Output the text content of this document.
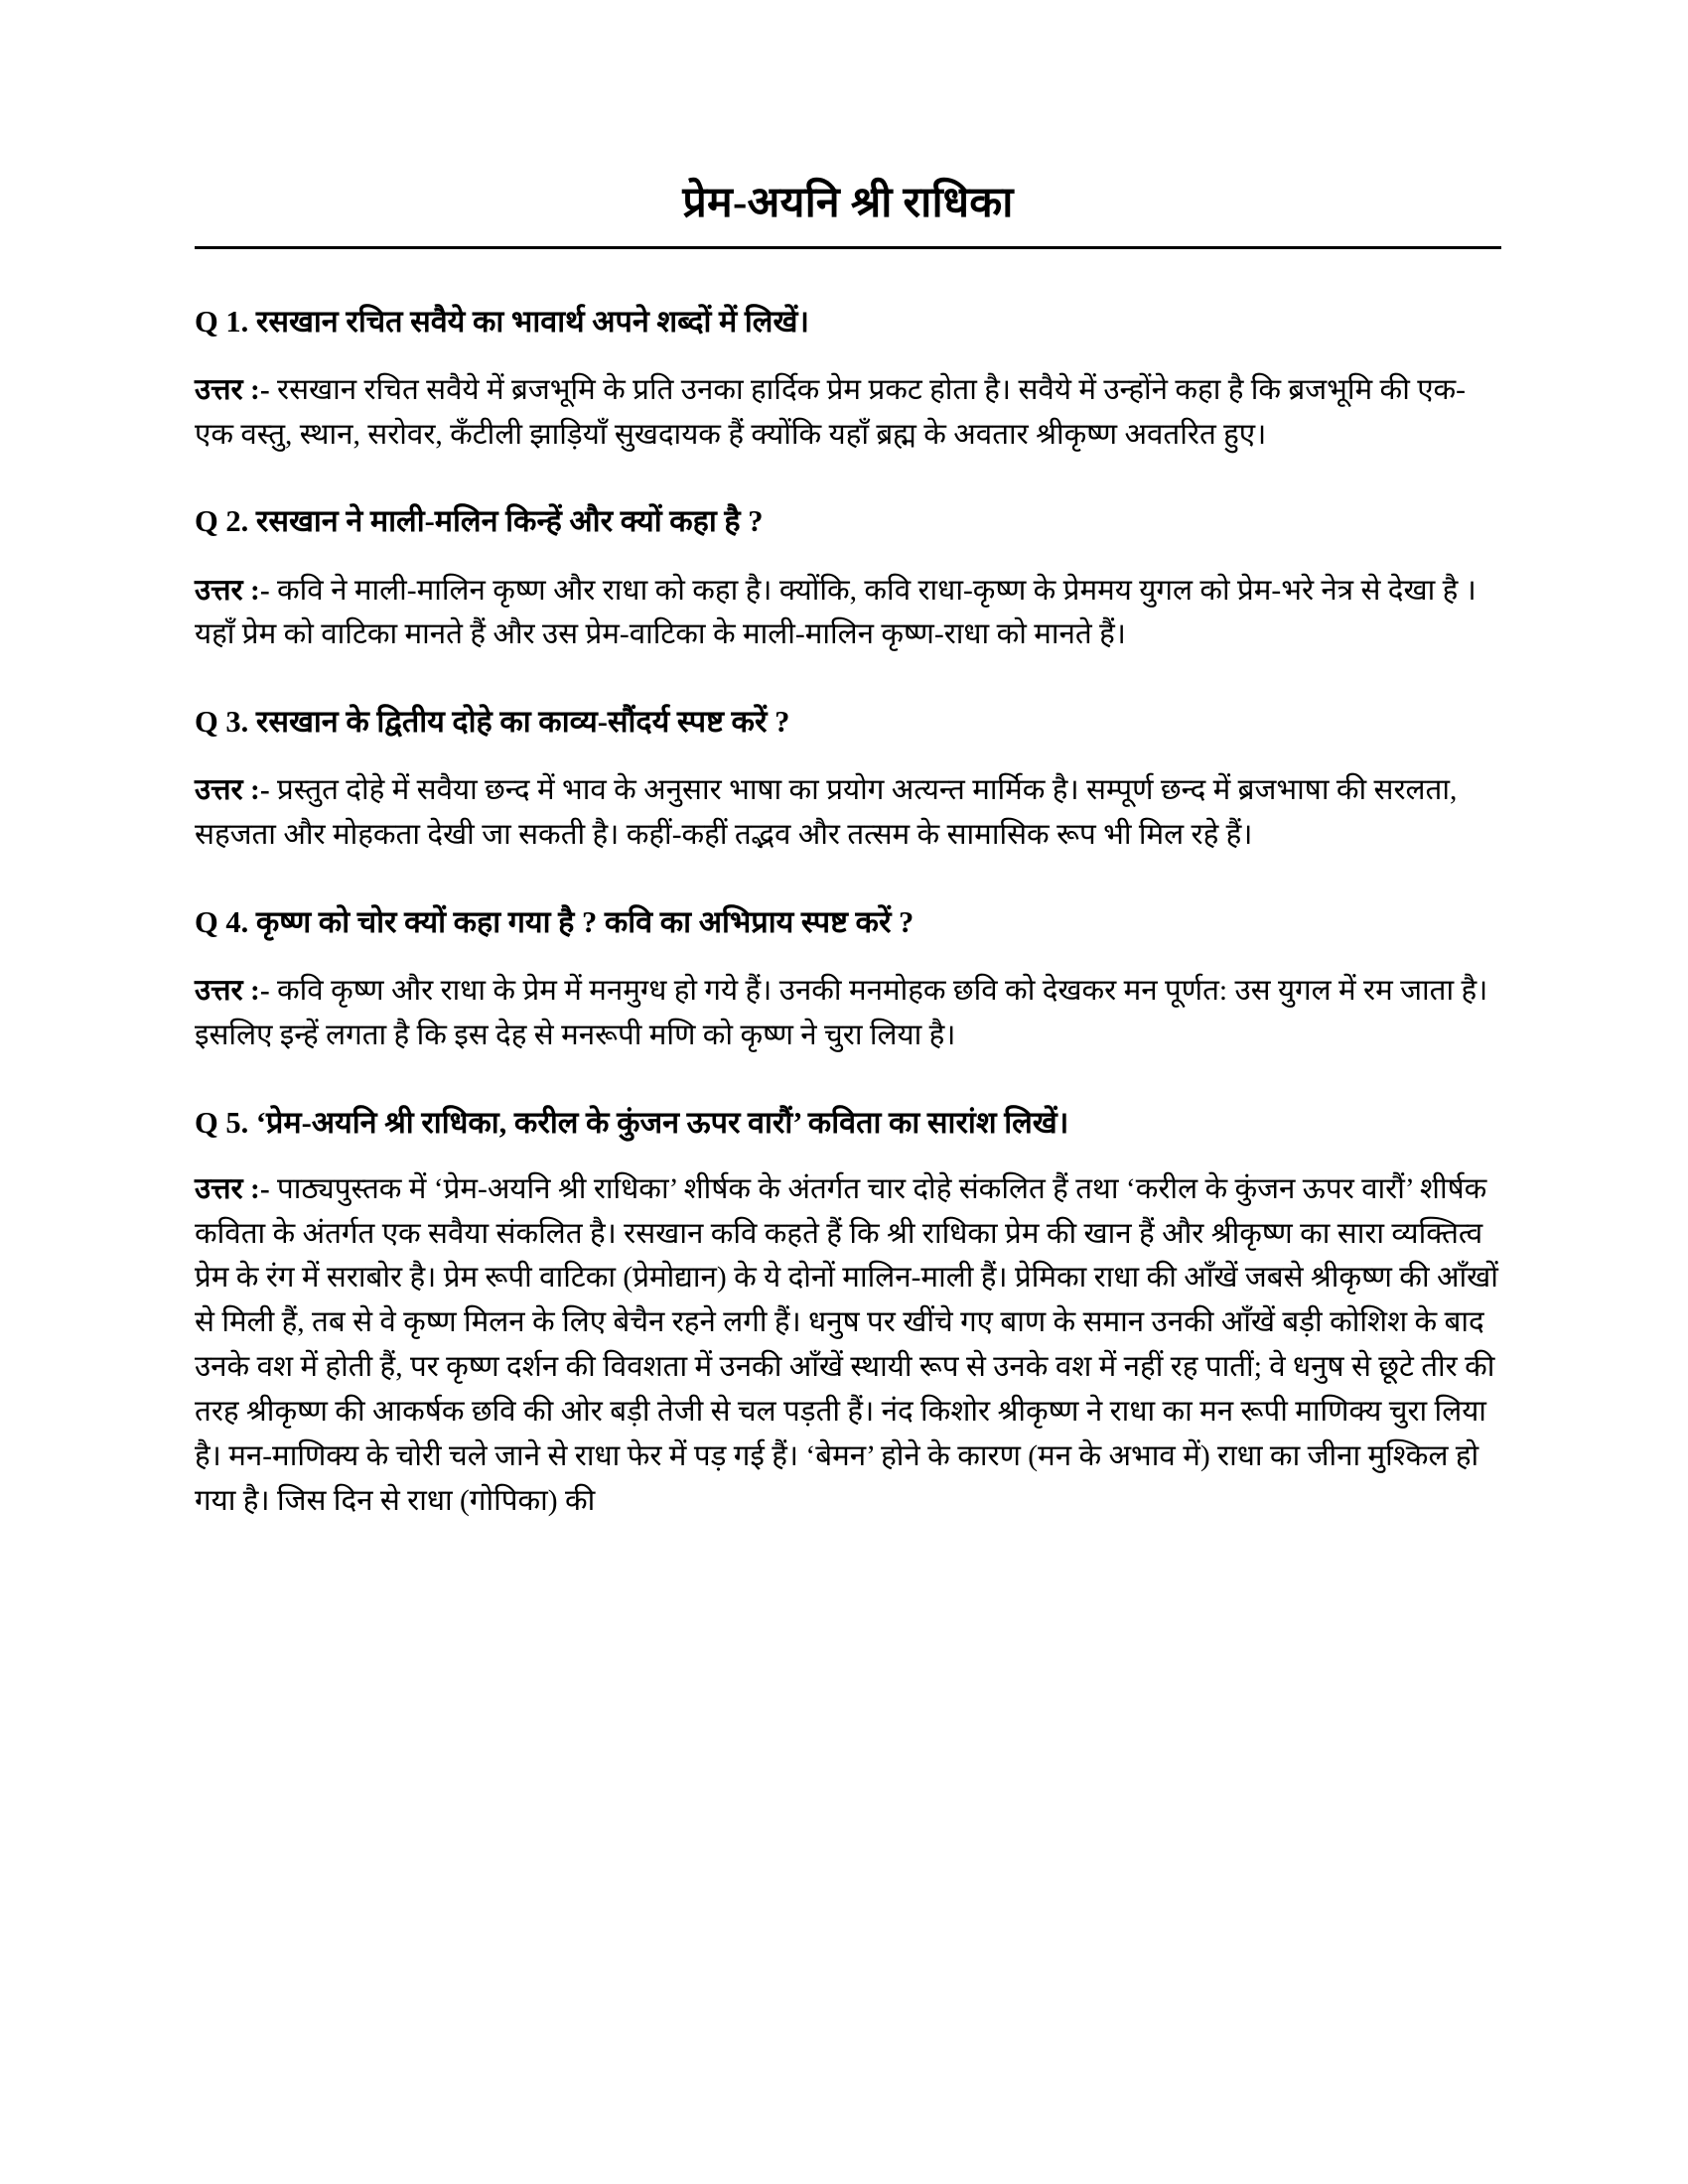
प्रेम-अयनि श्री राधिका

Q 1. रसखान रचित सवैये का भावार्थ अपने शब्दों में लिखें।

उत्तर :- रसखान रचित सवैये में ब्रजभूमि के प्रति उनका हार्दिक प्रेम प्रकट होता है। सवैये में उन्होंने कहा है कि ब्रजभूमि की एक-एक वस्तु, स्थान, सरोवर, कँटीली झाड़ियाँ सुखदायक हैं क्योंकि यहाँ ब्रह्म के अवतार श्रीकृष्ण अवतरित हुए।

Q 2. रसखान ने माली-मलिन किन्हें और क्यों कहा है ?

उत्तर :- कवि ने माली-मालिन कृष्ण और राधा को कहा है। क्योंकि, कवि राधा-कृष्ण के प्रेममय युगल को प्रेम-भरे नेत्र से देखा है । यहाँ प्रेम को वाटिका मानते हैं और उस प्रेम-वाटिका के माली-मालिन कृष्ण-राधा को मानते हैं।

Q 3. रसखान के द्वितीय दोहे का काव्य-सौंदर्य स्पष्ट करें ?

उत्तर :- प्रस्तुत दोहे में सवैया छन्द में भाव के अनुसार भाषा का प्रयोग अत्यन्त मार्मिक है। सम्पूर्ण छन्द में ब्रजभाषा की सरलता, सहजता और मोहकता देखी जा सकती है। कहीं-कहीं तद्भव और तत्सम के सामासिक रूप भी मिल रहे हैं।

Q 4. कृष्ण को चोर क्यों कहा गया है ? कवि का अभिप्राय स्पष्ट करें ?

उत्तर :- कवि कृष्ण और राधा के प्रेम में मनमुग्ध हो गये हैं। उनकी मनमोहक छवि को देखकर मन पूर्णत: उस युगल में रम जाता है। इसलिए इन्हें लगता है कि इस देह से मनरूपी मणि को कृष्ण ने चुरा लिया है।

Q 5. ‘प्रेम-अयनि श्री राधिका, करील के कुंजन ऊपर वारौं’ कविता का सारांश लिखें।

उत्तर :- पाठ्यपुस्तक में ‘प्रेम-अयनि श्री राधिका’ शीर्षक के अंतर्गत चार दोहे संकलित हैं तथा ‘करील के कुंजन ऊपर वारौं’ शीर्षक कविता के अंतर्गत एक सवैया संकलित है। रसखान कवि कहते हैं कि श्री राधिका प्रेम की खान हैं और श्रीकृष्ण का सारा व्यक्तित्व प्रेम के रंग में सराबोर है। प्रेम रूपी वाटिका (प्रेमोद्यान) के ये दोनों मालिन-माली हैं। प्रेमिका राधा की आँखें जबसे श्रीकृष्ण की आँखों से मिली हैं, तब से वे कृष्ण मिलन के लिए बेचैन रहने लगी हैं। धनुष पर खींचे गए बाण के समान उनकी आँखें बड़ी कोशिश के बाद उनके वश में होती हैं, पर कृष्ण दर्शन की विवशता में उनकी आँखें स्थायी रूप से उनके वश में नहीं रह पातीं; वे धनुष से छूटे तीर की तरह श्रीकृष्ण की आकर्षक छवि की ओर बड़ी तेजी से चल पड़ती हैं। नंद किशोर श्रीकृष्ण ने राधा का मन रूपी माणिक्य चुरा लिया है। मन-माणिक्य के चोरी चले जाने से राधा फेर में पड़ गई हैं। ‘बेमन’ होने के कारण (मन के अभाव में) राधा का जीना मुश्किल हो गया है। जिस दिन से राधा (गोपिका) की
